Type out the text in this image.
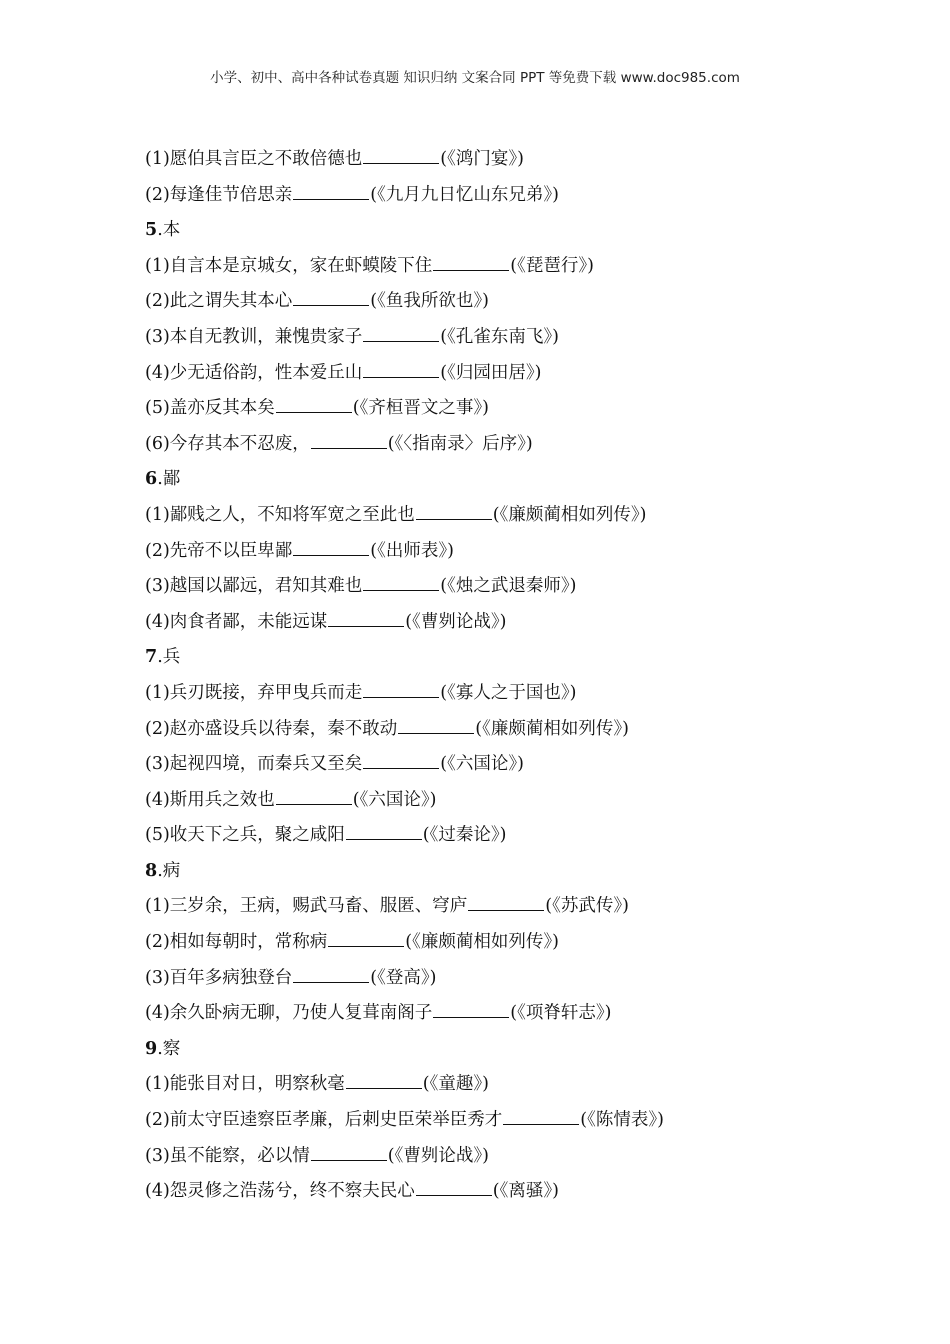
小学、初中、高中各种试卷真题 知识归纳 文案合同 PPT 等免费下载 www.doc985.com
(1)愿伯具言臣之不敢倍德也	(《鸿门宴》)
(2)每逢佳节倍思亲	(《九月九日忆山东兄弟》)
5.本
(1)自言本是京城女，家在虾蟆陵下住	(《琵琶行》)
(2)此之谓失其本心	(《鱼我所欲也》)
(3)本自无教训，兼愧贵家子	(《孔雀东南飞》)
(4)少无适俗韵，性本爱丘山	(《归园田居》)
(5)盖亦反其本矣	(《齐桓晋文之事》)
(6)今存其本不忍废，	(《〈指南录〉后序》)
6.鄙
(1)鄙贱之人，不知将军宽之至此也	(《廉颇蔺相如列传》)
(2)先帝不以臣卑鄙	(《出师表》)
(3)越国以鄙远，君知其难也	(《烛之武退秦师》)
(4)肉食者鄙，未能远谋	(《曹刿论战》)
7.兵
(1)兵刃既接，弃甲曳兵而走	(《寡人之于国也》)
(2)赵亦盛设兵以待秦，秦不敢动	(《廉颇蔺相如列传》)
(3)起视四境，而秦兵又至矣	(《六国论》)
(4)斯用兵之效也	(《六国论》)
(5)收天下之兵，聚之咸阳	(《过秦论》)
8.病
(1)三岁余，王病，赐武马畜、服匿、穹庐	(《苏武传》)
(2)相如每朝时，常称病	(《廉颇蔺相如列传》)
(3)百年多病独登台	(《登高》)
(4)余久卧病无聊，乃使人复葺南阁子	(《项脊轩志》)
9.察
(1)能张目对日，明察秋毫	(《童趣》)
(2)前太守臣逵察臣孝廉，后刺史臣荣举臣秀才	(《陈情表》)
(3)虽不能察，必以情	(《曹刿论战》)
(4)怨灵修之浩荡兮，终不察夫民心	(《离骚》)
